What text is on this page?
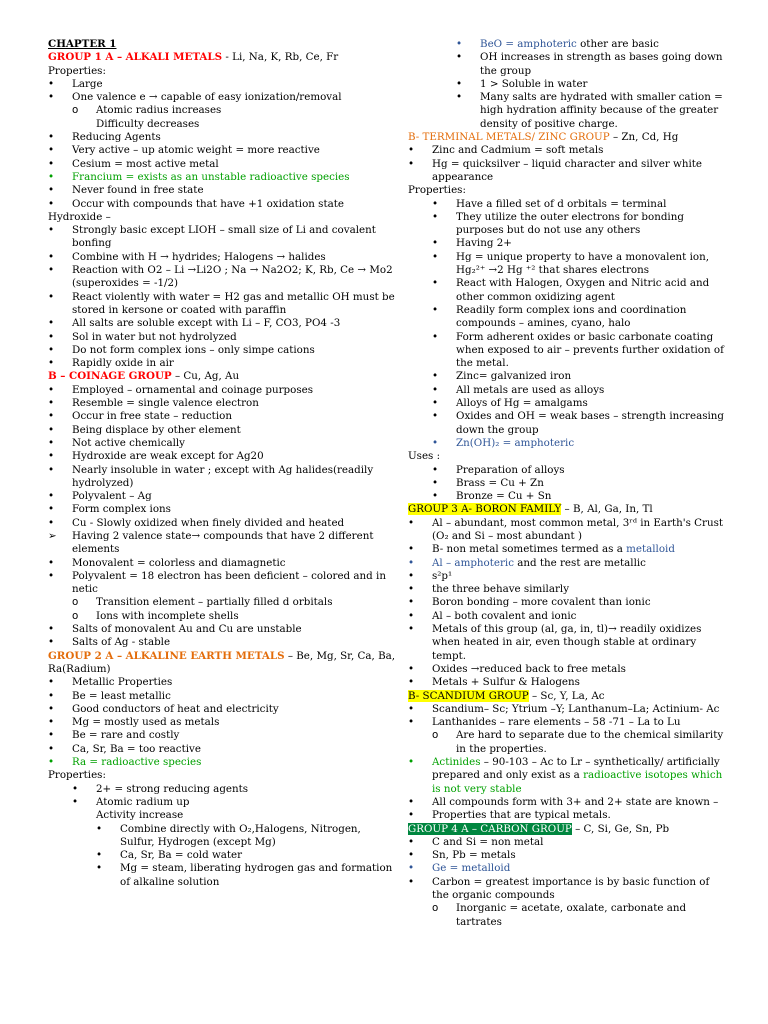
CHAPTER 1
GROUP 1 A – ALKALI METALS - Li, Na, K, Rb, Ce, Fr
Properties:
• Large
• One valence e → capable of easy ionization/removal
o Atomic radius increases
Difficulty decreases
• Reducing Agents
• Very active – up atomic weight = more reactive
• Cesium = most active metal
• Francium = exists as an unstable radioactive species
• Never found in free state
• Occur with compounds that have +1 oxidation state
Hydroxide –
• Strongly basic except LIOH – small size of Li and covalent bonfing
• Combine with H → hydrides; Halogens → halides
• Reaction with O2 – Li →Li2O ; Na → Na2O2; K, Rb, Ce → Mo2 (superoxides = -1/2)
• React violently with water = H2 gas and metallic OH must be stored in kersone or coated with paraffin
• All salts are soluble except with Li – F, CO3, PO4 -3
• Sol in water but not hydrolyzed
• Do not form complex ions – only simpe cations
• Rapidly oxide in air
B – COINAGE GROUP – Cu, Ag, Au
• Employed – ornamental and coinage purposes
• Resemble = single valence electron
• Occur in free state – reduction
• Being displace by other element
• Not active chemically
• Hydroxide are weak except for Ag20
• Nearly insoluble in water ; except with Ag halides(readily hydrolyzed)
• Polyvalent – Ag
• Form complex ions
• Cu - Slowly oxidized when finely divided and heated
➢ Having 2 valence state→ compounds that have 2 different elements
• Monovalent = colorless and diamagnetic
• Polyvalent = 18 electron has been deficient – colored and in netic
o Transition element – partially filled d orbitals
o Ions with incomplete shells
• Salts of monovalent Au and Cu are unstable
• Salts of Ag - stable
GROUP 2 A – ALKALINE EARTH METALS – Be, Mg, Sr, Ca, Ba, Ra(Radium)
• Metallic Properties
• Be = least metallic
• Good conductors of heat and electricity
• Mg = mostly used as metals
• Be = rare and costly
• Ca, Sr, Ba = too reactive
• Ra = radioactive species
Properties:
• 2+ = strong reducing agents
• Atomic radium up
Activity increase
• Combine directly with O₂,Halogens, Nitrogen, Sulfur, Hydrogen (except Mg)
• Ca, Sr, Ba = cold water
• Mg = steam, liberating hydrogen gas and formation of alkaline solution
• BeO = amphoteric other are basic
• OH increases in strength as bases going down the group
• 1 > Soluble in water
• Many salts are hydrated with smaller cation = high hydration affinity because of the greater density of positive charge.
B- TERMINAL METALS/ ZINC GROUP – Zn, Cd, Hg
• Zinc and Cadmium = soft metals
• Hg = quicksilver – liquid character and silver white appearance
Properties:
• Have a filled set of d orbitals = terminal
• They utilize the outer electrons for bonding purposes but do not use any others
• Having 2+
• Hg = unique property to have a monovalent ion, Hg₂²⁺ →2 Hg ⁺² that shares electrons
• React with Halogen, Oxygen and Nitric acid and other common oxidizing agent
• Readily form complex ions and coordination compounds – amines, cyano, halo
• Form adherent oxides or basic carbonate coating when exposed to air – prevents further oxidation of the metal.
• Zinc= galvanized iron
• All metals are used as alloys
• Alloys of Hg = amalgams
• Oxides and OH = weak bases – strength increasing down the group
• Zn(OH)₂ = amphoteric
Uses :
• Preparation of alloys
• Brass = Cu + Zn
• Bronze = Cu + Sn
GROUP 3 A- BORON FAMILY – B, Al, Ga, In, Tl
• Al – abundant, most common metal, 3ʳᵈ in Earth's Crust (O₂ and Si – most abundant )
• B- non metal sometimes termed as a metalloid
• Al – amphoteric and the rest are metallic
• s²p¹
• the three behave similarly
• Boron bonding – more covalent than ionic
• Al – both covalent and ionic
• Metals of this group (al, ga, in, tl)→ readily oxidizes when heated in air, even though stable at ordinary tempt.
• Oxides →reduced back to free metals
• Metals + Sulfur & Halogens
B- SCANDIUM GROUP – Sc, Y, La, Ac
• Scandium– Sc; Ytrium –Y; Lanthanum–La; Actinium- Ac
• Lanthanides – rare elements – 58 -71 – La to Lu
o Are hard to separate due to the chemical similarity in the properties.
• Actinides – 90-103 – Ac to Lr – synthetically/ artificially prepared and only exist as a radioactive isotopes which is not very stable
• All compounds form with 3+ and 2+ state are known –
• Properties that are typical metals.
GROUP 4 A – CARBON GROUP – C, Si, Ge, Sn, Pb
• C and Si = non metal
• Sn, Pb = metals
• Ge = metalloid
• Carbon = greatest importance is by basic function of the organic compounds
o Inorganic = acetate, oxalate, carbonate and tartrates
